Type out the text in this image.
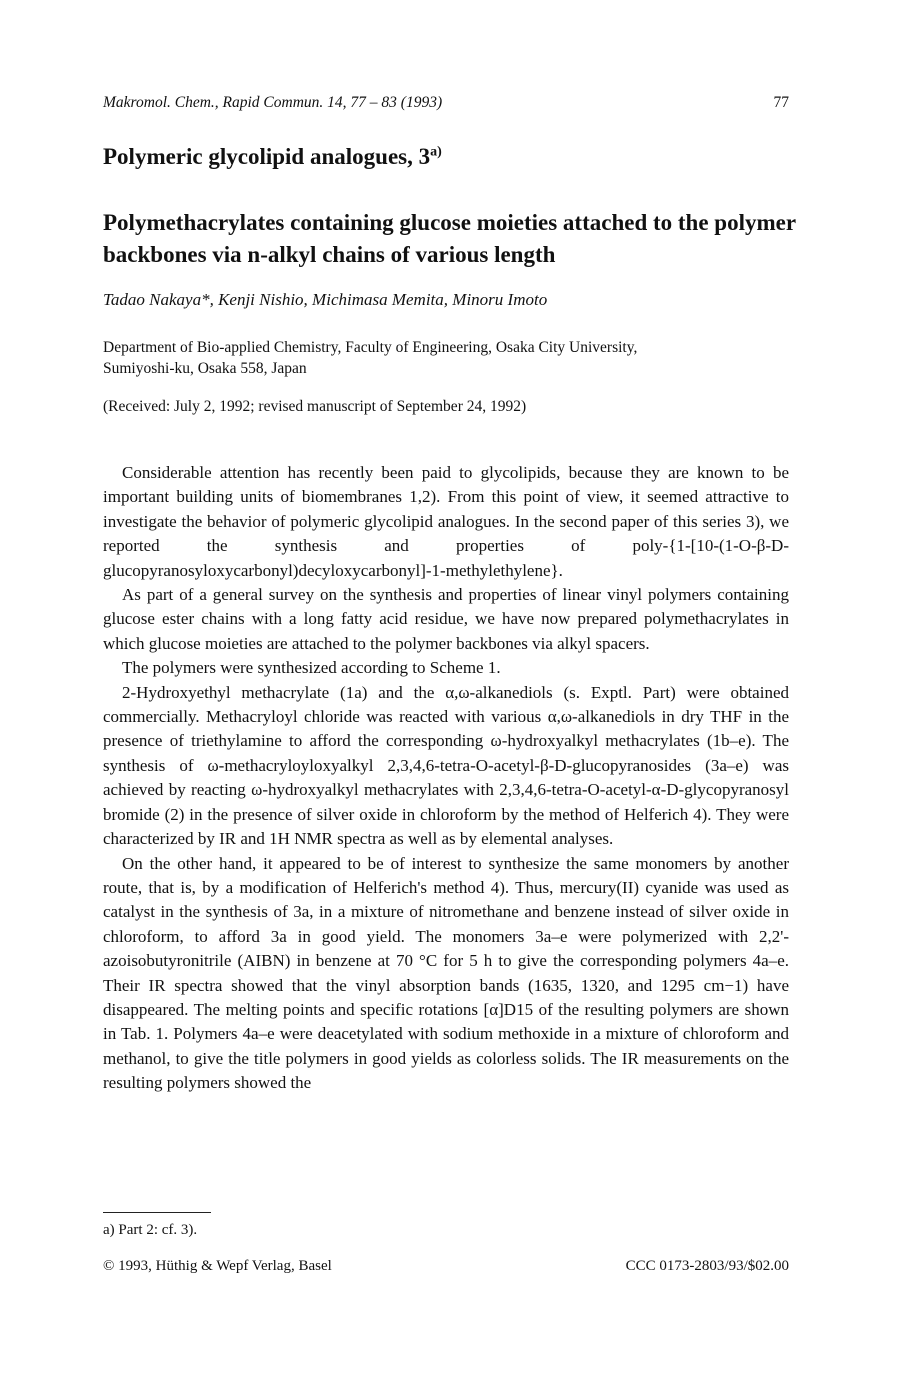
Makromol. Chem., Rapid Commun. 14, 77 – 83 (1993)	77
Polymeric glycolipid analogues, 3$^{a)}$
Polymethacrylates containing glucose moieties attached to the polymer backbones via n-alkyl chains of various length
Tadao Nakaya*, Kenji Nishio, Michimasa Memita, Minoru Imoto
Department of Bio-applied Chemistry, Faculty of Engineering, Osaka City University,
Sumiyoshi-ku, Osaka 558, Japan
(Received: July 2, 1992; revised manuscript of September 24, 1992)

Considerable attention has recently been paid to glycolipids, because they are known to be important building units of biomembranes 1,2). From this point of view, it seemed attractive to investigate the behavior of polymeric glycolipid analogues. In the second paper of this series 3), we reported the synthesis and properties of poly-{1-[10-(1-O-β-D-glucopyranosyloxycarbonyl)decyloxycarbonyl]-1-methylethylene}.

As part of a general survey on the synthesis and properties of linear vinyl polymers containing glucose ester chains with a long fatty acid residue, we have now prepared polymethacrylates in which glucose moieties are attached to the polymer backbones via alkyl spacers.

The polymers were synthesized according to Scheme 1.

2-Hydroxyethyl methacrylate (1a) and the α,ω-alkanediols (s. Exptl. Part) were obtained commercially. Methacryloyl chloride was reacted with various α,ω-alkanediols in dry THF in the presence of triethylamine to afford the corresponding ω-hydroxyalkyl methacrylates (1b–e). The synthesis of ω-methacryloyloxyalkyl 2,3,4,6-tetra-O-acetyl-β-D-glucopyranosides (3a–e) was achieved by reacting ω-hydroxyalkyl methacrylates with 2,3,4,6-tetra-O-acetyl-α-D-glycopyranosyl bromide (2) in the presence of silver oxide in chloroform by the method of Helferich 4). They were characterized by IR and 1H NMR spectra as well as by elemental analyses.

On the other hand, it appeared to be of interest to synthesize the same monomers by another route, that is, by a modification of Helferich's method 4). Thus, mercury(II) cyanide was used as catalyst in the synthesis of 3a, in a mixture of nitromethane and benzene instead of silver oxide in chloroform, to afford 3a in good yield. The monomers 3a–e were polymerized with 2,2'-azoisobutyronitrile (AIBN) in benzene at 70 °C for 5 h to give the corresponding polymers 4a–e. Their IR spectra showed that the vinyl absorption bands (1635, 1320, and 1295 cm−1) have disappeared. The melting points and specific rotations [α]D15 of the resulting polymers are shown in Tab. 1. Polymers 4a–e were deacetylated with sodium methoxide in a mixture of chloroform and methanol, to give the title polymers in good yields as colorless solids. The IR measurements on the resulting polymers showed the

a) Part 2: cf. 3).
© 1993, Hüthig & Wepf Verlag, Basel	CCC 0173-2803/93/$02.00
